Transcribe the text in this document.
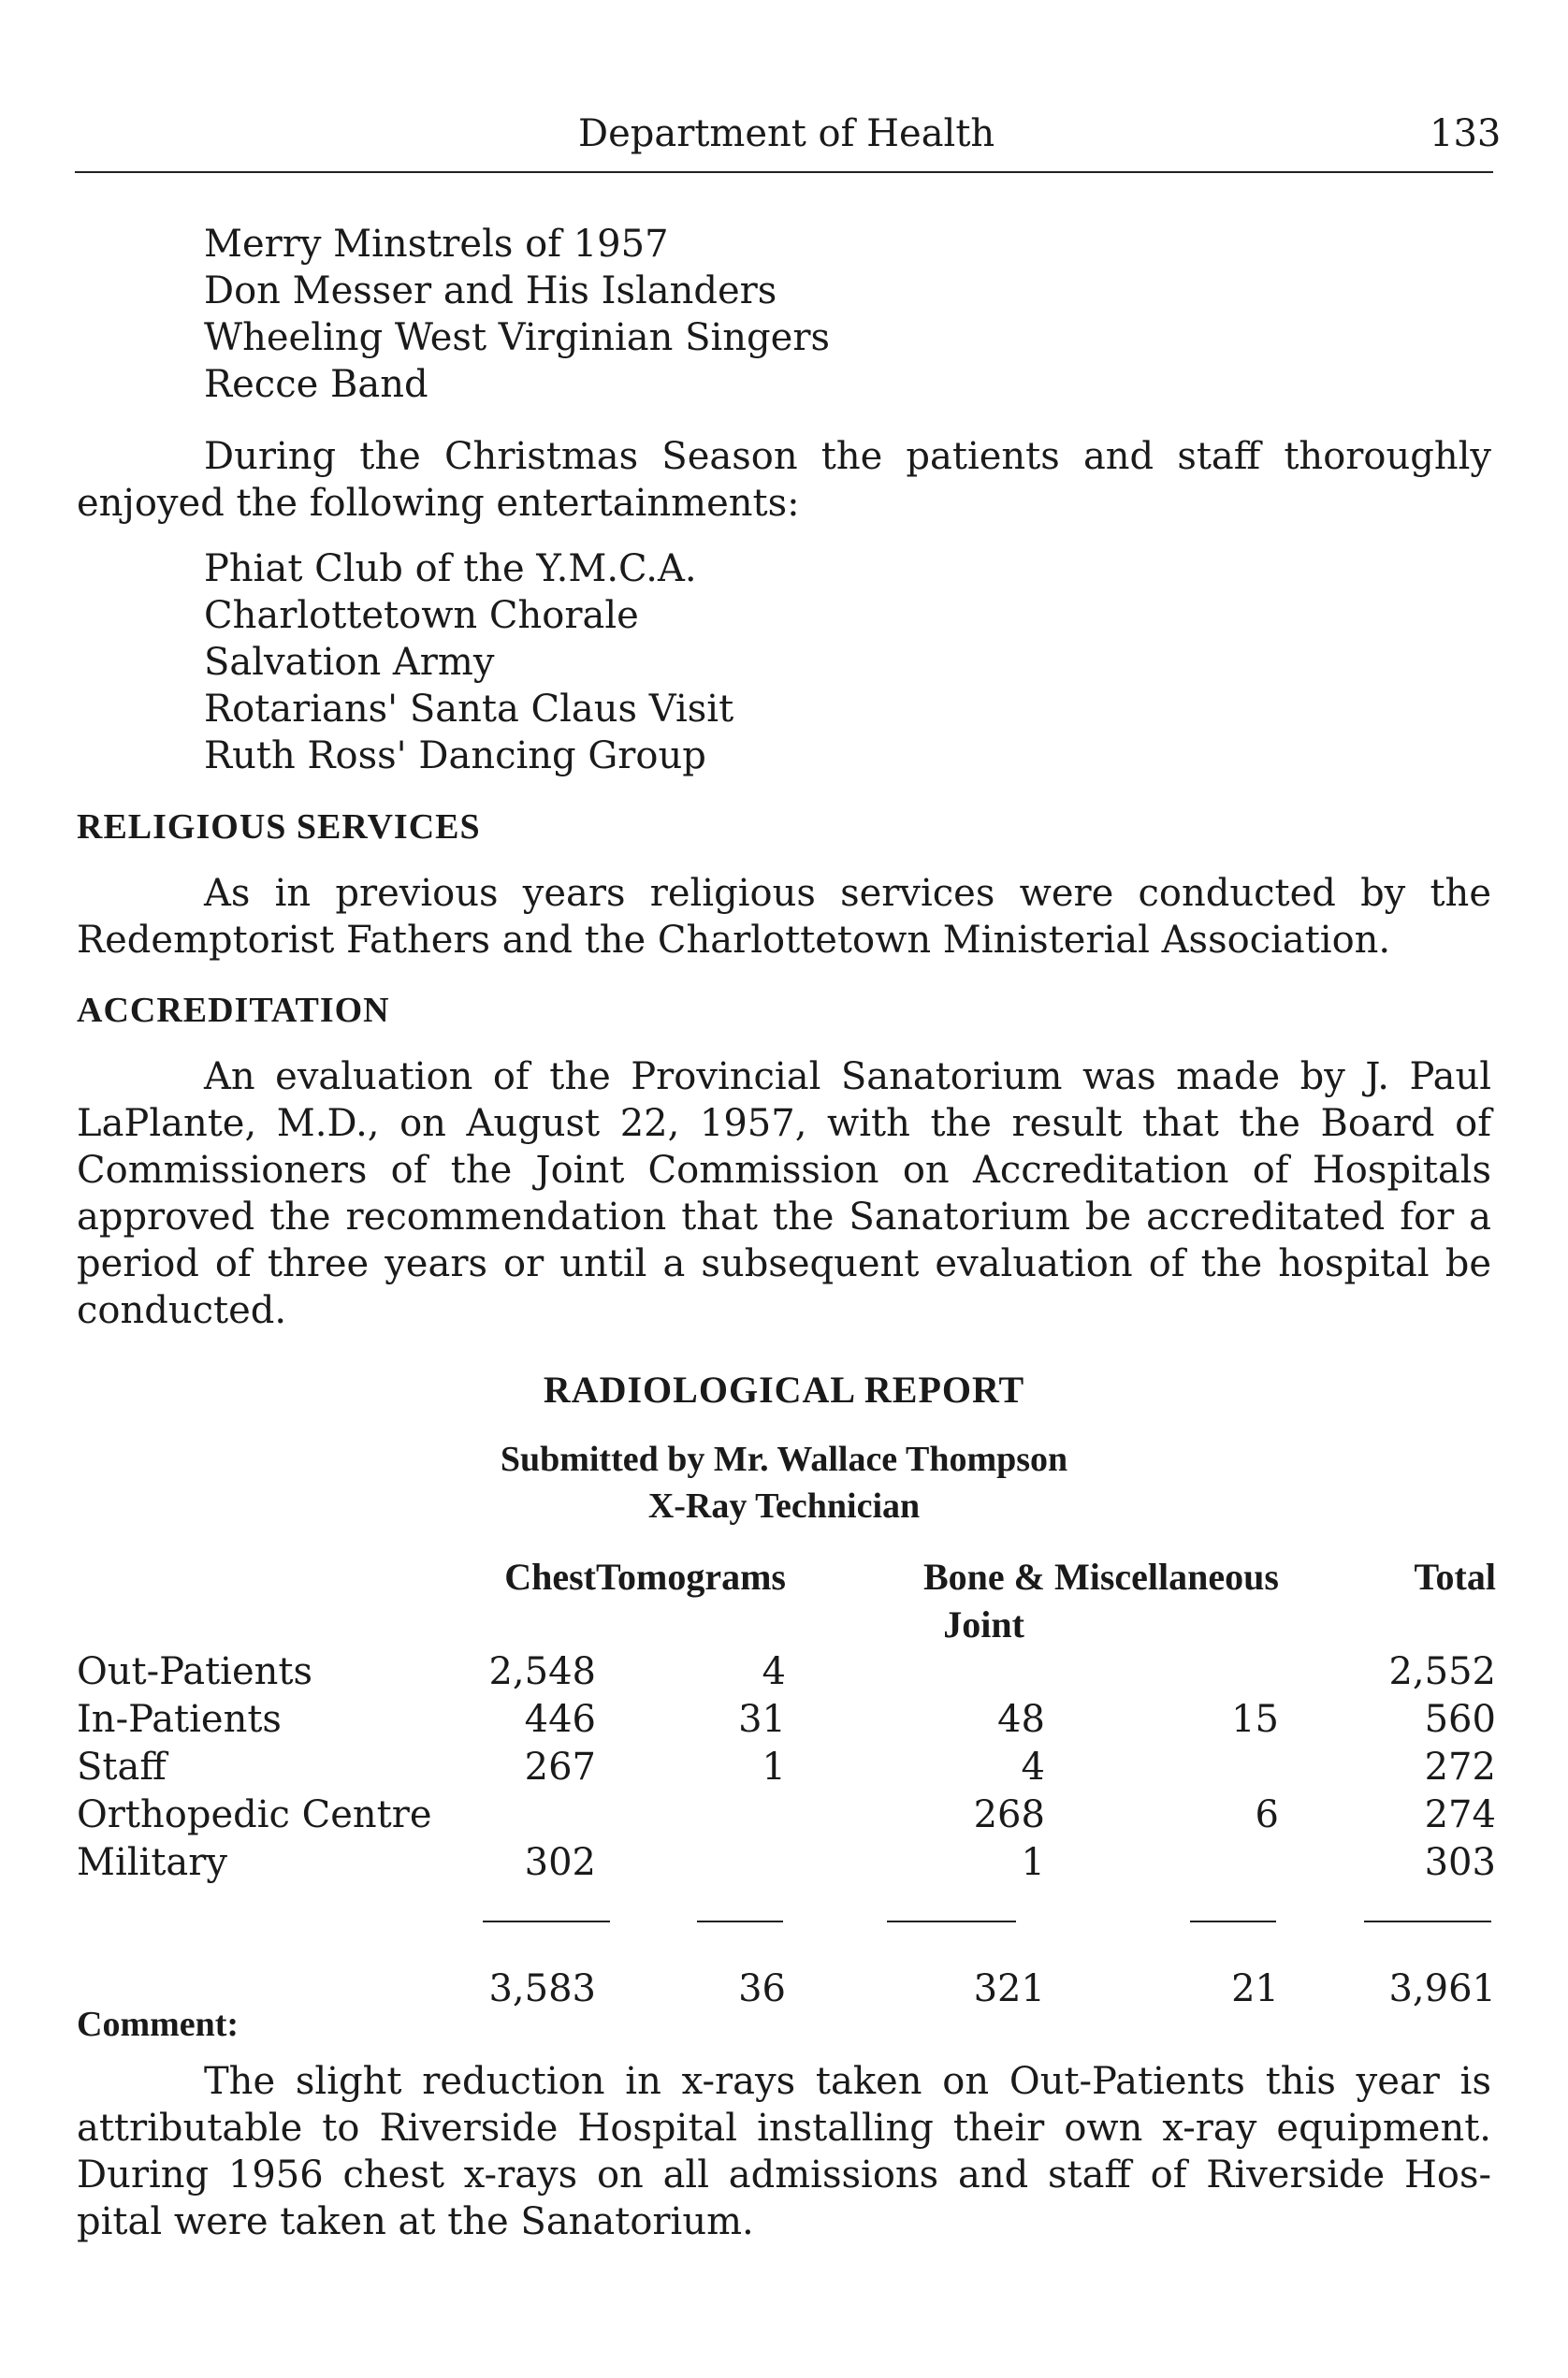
Department of Health	133
Merry Minstrels of 1957
Don Messer and His Islanders
Wheeling West Virginian Singers
Recce Band
During the Christmas Season the patients and staff thoroughly
enjoyed the following entertainments:
Phiat Club of the Y.M.C.A.
Charlottetown Chorale
Salvation Army
Rotarians' Santa Claus Visit
Ruth Ross' Dancing Group
RELIGIOUS SERVICES
As in previous years religious services were conducted by the
Redemptorist Fathers and the Charlottetown Ministerial Association.
ACCREDITATION
An evaluation of the Provincial Sanatorium was made by J. Paul
LaPlante, M.D., on August 22, 1957, with the result that the Board of
Commissioners of the Joint Commission on Accreditation of Hospitals
approved the recommendation that the Sanatorium be accreditated for a
period of three years or until a subsequent evaluation of the hospital be
conducted.
RADIOLOGICAL REPORT
Submitted by Mr. Wallace Thompson
X-Ray Technician
	Chest	Tomograms	Bone &	Miscellaneous	Total
			Joint		
Out-Patients	2,548	4			2,552
In-Patients	446	31	48	15	560
Staff	267	1	4		272
Orthopedic Centre			268	6	274
Military	302		1		303

	3,583	36	321	21	3,961
Comment:
The slight reduction in x-rays taken on Out-Patients this year is
attributable to Riverside Hospital installing their own x-ray equipment.
During 1956 chest x-rays on all admissions and staff of Riverside Hos-
pital were taken at the Sanatorium.
